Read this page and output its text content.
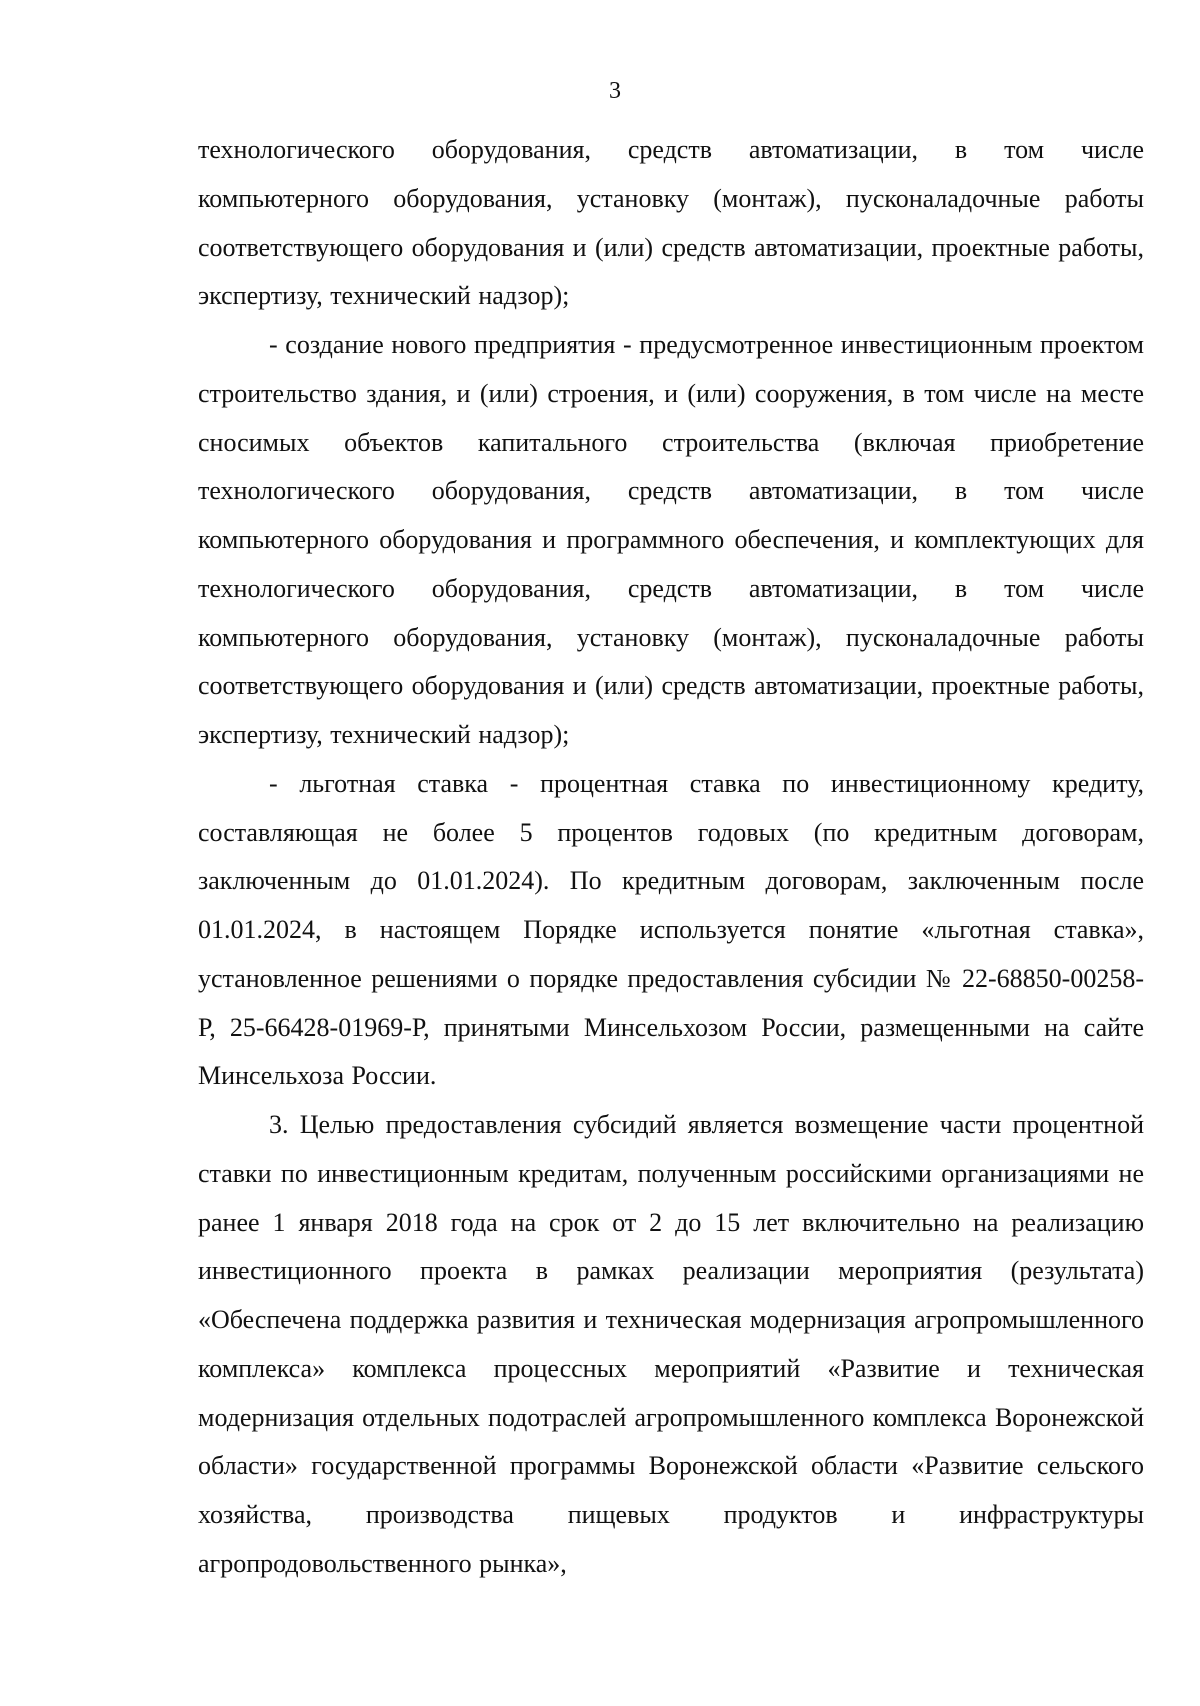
3

технологического оборудования, средств автоматизации, в том числе компьютерного оборудования, установку (монтаж), пусконаладочные работы соответствующего оборудования и (или) средств автоматизации, проектные работы, экспертизу, технический надзор);

- создание нового предприятия - предусмотренное инвестиционным проектом строительство здания, и (или) строения, и (или) сооружения, в том числе на месте сносимых объектов капитального строительства (включая приобретение технологического оборудования, средств автоматизации, в том числе компьютерного оборудования и программного обеспечения, и комплектующих для технологического оборудования, средств автоматизации, в том числе компьютерного оборудования, установку (монтаж), пусконаладочные работы соответствующего оборудования и (или) средств автоматизации, проектные работы, экспертизу, технический надзор);

- льготная ставка - процентная ставка по инвестиционному кредиту, составляющая не более 5 процентов годовых (по кредитным договорам, заключенным до 01.01.2024). По кредитным договорам, заключенным после 01.01.2024, в настоящем Порядке используется понятие «льготная ставка», установленное решениями о порядке предоставления субсидии № 22-68850-00258-Р, 25-66428-01969-Р, принятыми Минсельхозом России, размещенными на сайте Минсельхоза России.

3. Целью предоставления субсидий является возмещение части процентной ставки по инвестиционным кредитам, полученным российскими организациями не ранее 1 января 2018 года на срок от 2 до 15 лет включительно на реализацию инвестиционного проекта в рамках реализации мероприятия (результата) «Обеспечена поддержка развития и техническая модернизация агропромышленного комплекса» комплекса процессных мероприятий «Развитие и техническая модернизация отдельных подотраслей агропромышленного комплекса Воронежской области» государственной программы Воронежской области «Развитие сельского хозяйства, производства пищевых продуктов и инфраструктуры агропродовольственного рынка»,
